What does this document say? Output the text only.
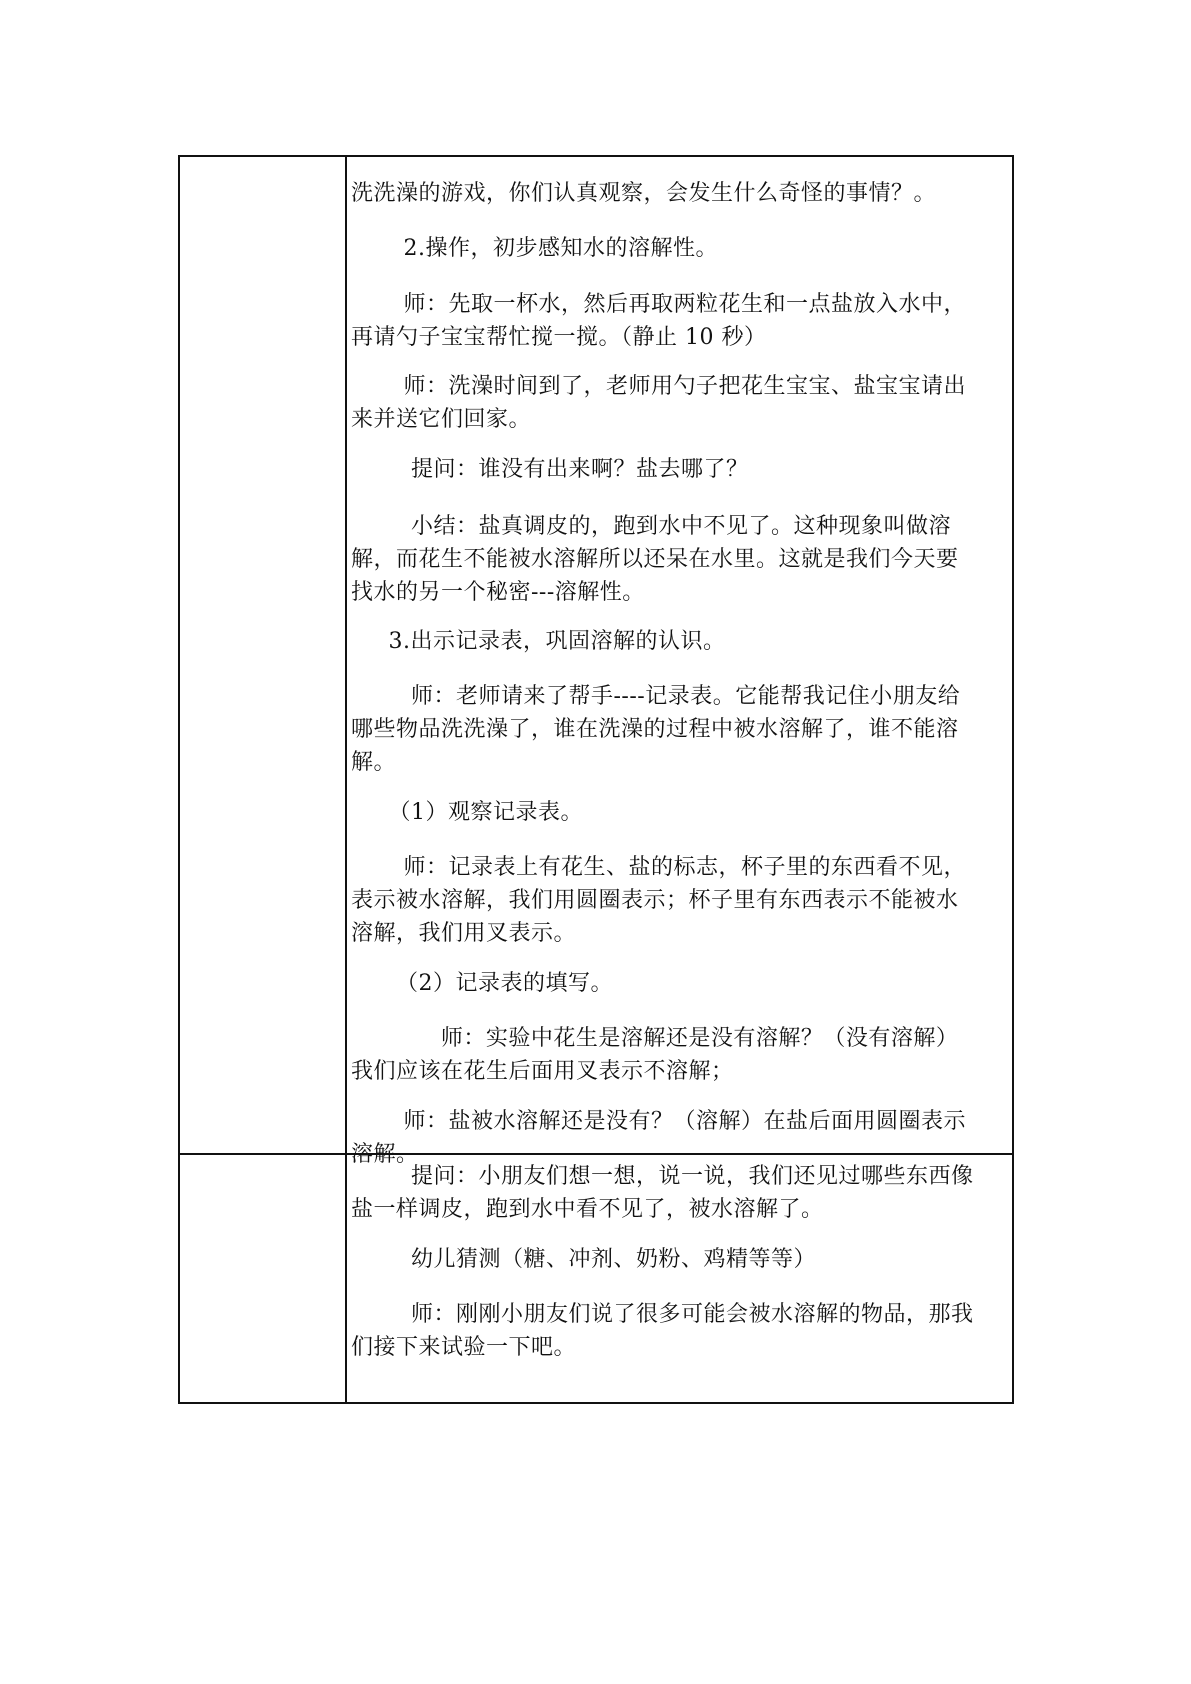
洗洗澡的游戏，你们认真观察，会发生什么奇怪的事情？。
2.操作，初步感知水的溶解性。
师：先取一杯水，然后再取两粒花生和一点盐放入水中，
再请勺子宝宝帮忙搅一搅。（静止 10 秒）
师：洗澡时间到了，老师用勺子把花生宝宝、盐宝宝请出
来并送它们回家。
提问：谁没有出来啊？盐去哪了？
小结：盐真调皮的，跑到水中不见了。这种现象叫做溶
解，而花生不能被水溶解所以还呆在水里。这就是我们今天要
找水的另一个秘密---溶解性。
3.出示记录表，巩固溶解的认识。
师：老师请来了帮手----记录表。它能帮我记住小朋友给
哪些物品洗洗澡了，谁在洗澡的过程中被水溶解了，谁不能溶
解。
（1）观察记录表。
师：记录表上有花生、盐的标志，杯子里的东西看不见，
表示被水溶解，我们用圆圈表示；杯子里有东西表示不能被水
溶解，我们用叉表示。
（2）记录表的填写。
师：实验中花生是溶解还是没有溶解？（没有溶解）
我们应该在花生后面用叉表示不溶解；
师：盐被水溶解还是没有？（溶解）在盐后面用圆圈表示
溶解。
提问：小朋友们想一想，说一说，我们还见过哪些东西像
盐一样调皮，跑到水中看不见了，被水溶解了。
幼儿猜测（糖、冲剂、奶粉、鸡精等等）
师：刚刚小朋友们说了很多可能会被水溶解的物品，那我
们接下来试验一下吧。
